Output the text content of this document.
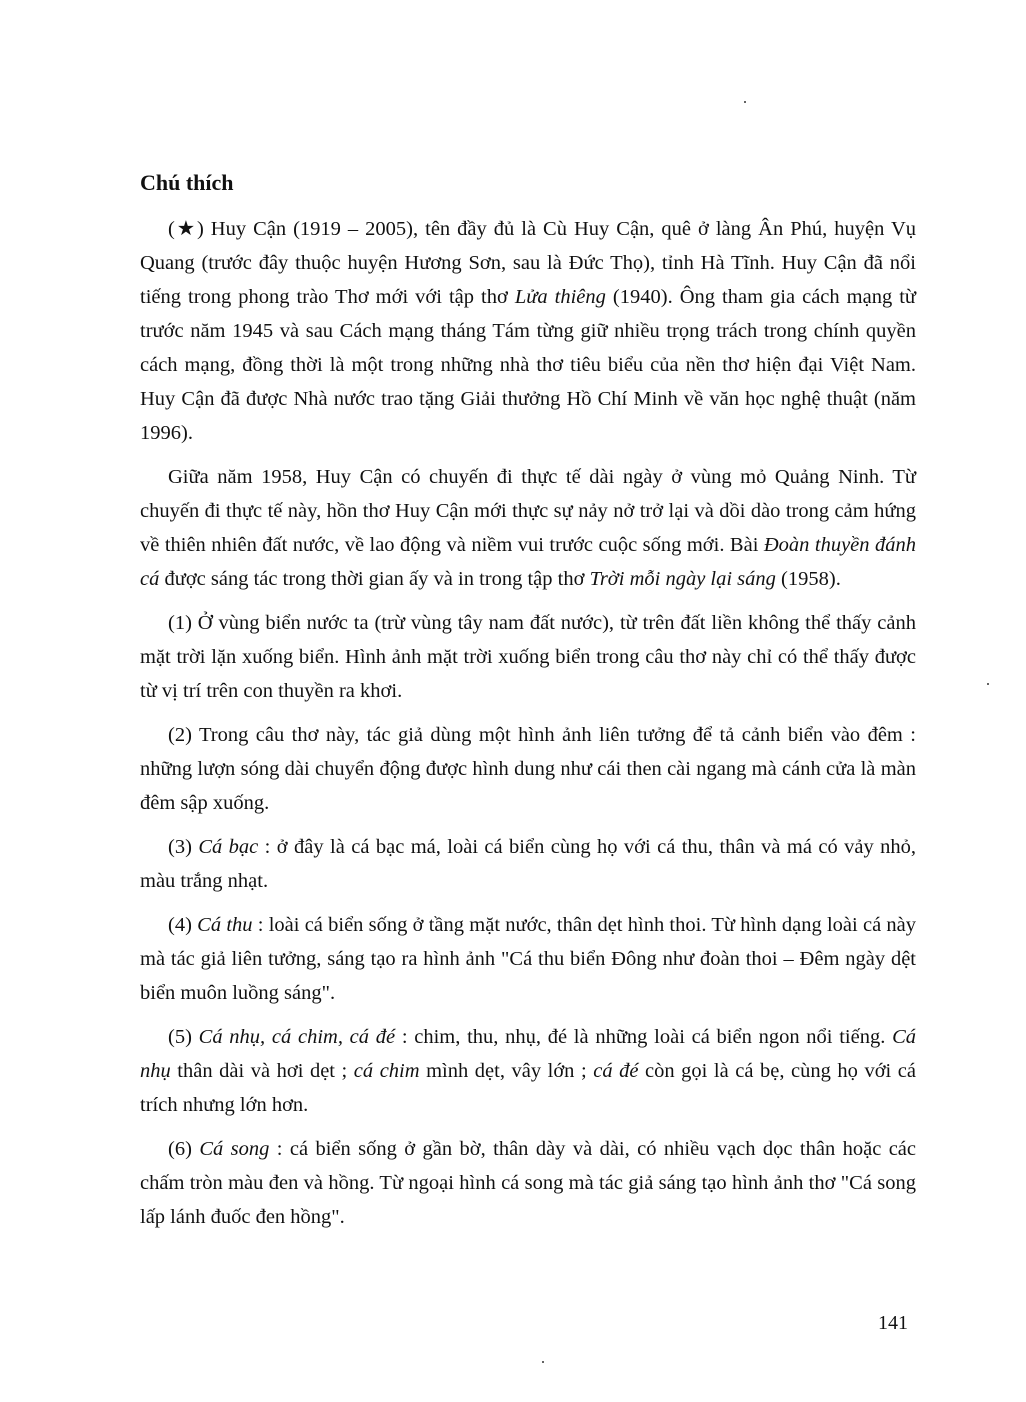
Chú thích

(★) Huy Cận (1919 – 2005), tên đầy đủ là Cù Huy Cận, quê ở làng Ân Phú, huyện Vụ Quang (trước đây thuộc huyện Hương Sơn, sau là Đức Thọ), tỉnh Hà Tĩnh. Huy Cận đã nổi tiếng trong phong trào Thơ mới với tập thơ Lửa thiêng (1940). Ông tham gia cách mạng từ trước năm 1945 và sau Cách mạng tháng Tám từng giữ nhiều trọng trách trong chính quyền cách mạng, đồng thời là một trong những nhà thơ tiêu biểu của nền thơ hiện đại Việt Nam. Huy Cận đã được Nhà nước trao tặng Giải thưởng Hồ Chí Minh về văn học nghệ thuật (năm 1996).

Giữa năm 1958, Huy Cận có chuyến đi thực tế dài ngày ở vùng mỏ Quảng Ninh. Từ chuyến đi thực tế này, hồn thơ Huy Cận mới thực sự nảy nở trở lại và dồi dào trong cảm hứng về thiên nhiên đất nước, về lao động và niềm vui trước cuộc sống mới. Bài Đoàn thuyền đánh cá được sáng tác trong thời gian ấy và in trong tập thơ Trời mỗi ngày lại sáng (1958).

(1) Ở vùng biển nước ta (trừ vùng tây nam đất nước), từ trên đất liền không thể thấy cảnh mặt trời lặn xuống biển. Hình ảnh mặt trời xuống biển trong câu thơ này chỉ có thể thấy được từ vị trí trên con thuyền ra khơi.

(2) Trong câu thơ này, tác giả dùng một hình ảnh liên tưởng để tả cảnh biển vào đêm : những lượn sóng dài chuyển động được hình dung như cái then cài ngang mà cánh cửa là màn đêm sập xuống.

(3) Cá bạc : ở đây là cá bạc má, loài cá biển cùng họ với cá thu, thân và má có vảy nhỏ, màu trắng nhạt.

(4) Cá thu : loài cá biển sống ở tầng mặt nước, thân dẹt hình thoi. Từ hình dạng loài cá này mà tác giả liên tưởng, sáng tạo ra hình ảnh "Cá thu biển Đông như đoàn thoi – Đêm ngày dệt biển muôn luồng sáng".

(5) Cá nhụ, cá chim, cá đé : chim, thu, nhụ, đé là những loài cá biển ngon nổi tiếng. Cá nhụ thân dài và hơi dẹt ; cá chim mình dẹt, vây lớn ; cá đé còn gọi là cá bẹ, cùng họ với cá trích nhưng lớn hơn.

(6) Cá song : cá biển sống ở gần bờ, thân dày và dài, có nhiều vạch dọc thân hoặc các chấm tròn màu đen và hồng. Từ ngoại hình cá song mà tác giả sáng tạo hình ảnh thơ "Cá song lấp lánh đuốc đen hồng".

141
